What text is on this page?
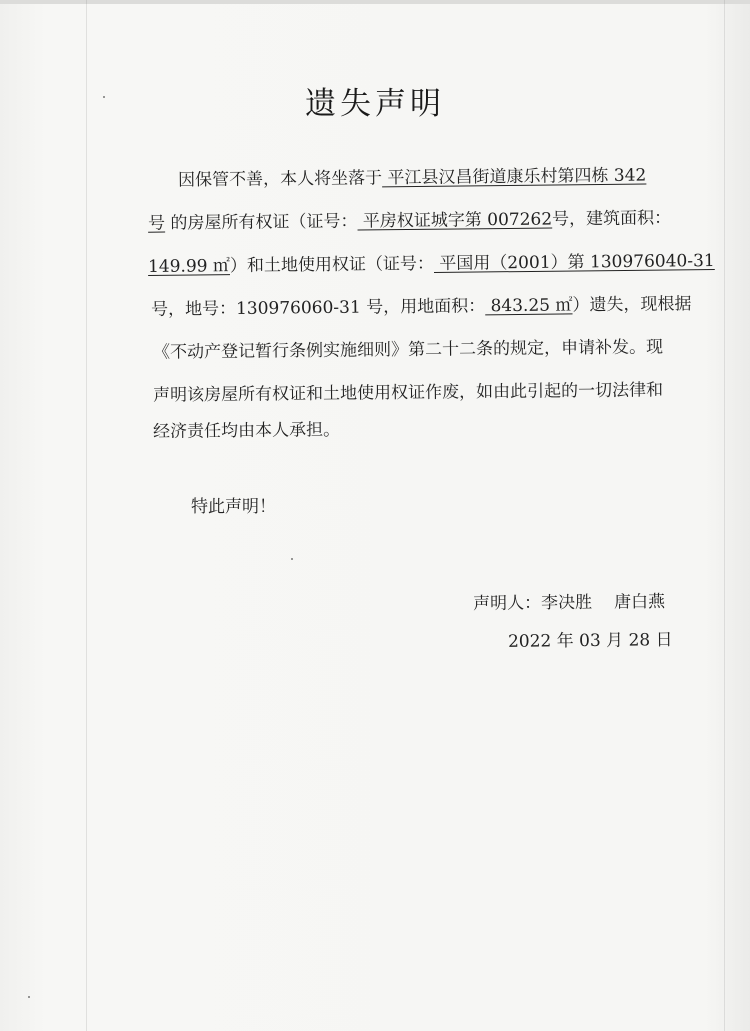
遗失声明
因保管不善，本人将坐落于 平江县汉昌街道康乐村第四栋 342
号 的房屋所有权证（证号： 平房权证城字第 007262号，建筑面积：
149.99 ㎡）和土地使用权证（证号： 平国用（2001）第 130976040-31
号，地号：130976060-31 号，用地面积： 843.25 ㎡）遗失，现根据
《不动产登记暂行条例实施细则》第二十二条的规定，申请补发。现
声明该房屋所有权证和土地使用权证作废，如由此引起的一切法律和
经济责任均由本人承担。
特此声明！
声明人：李决胜 唐白燕
2022 年 03 月 28 日
